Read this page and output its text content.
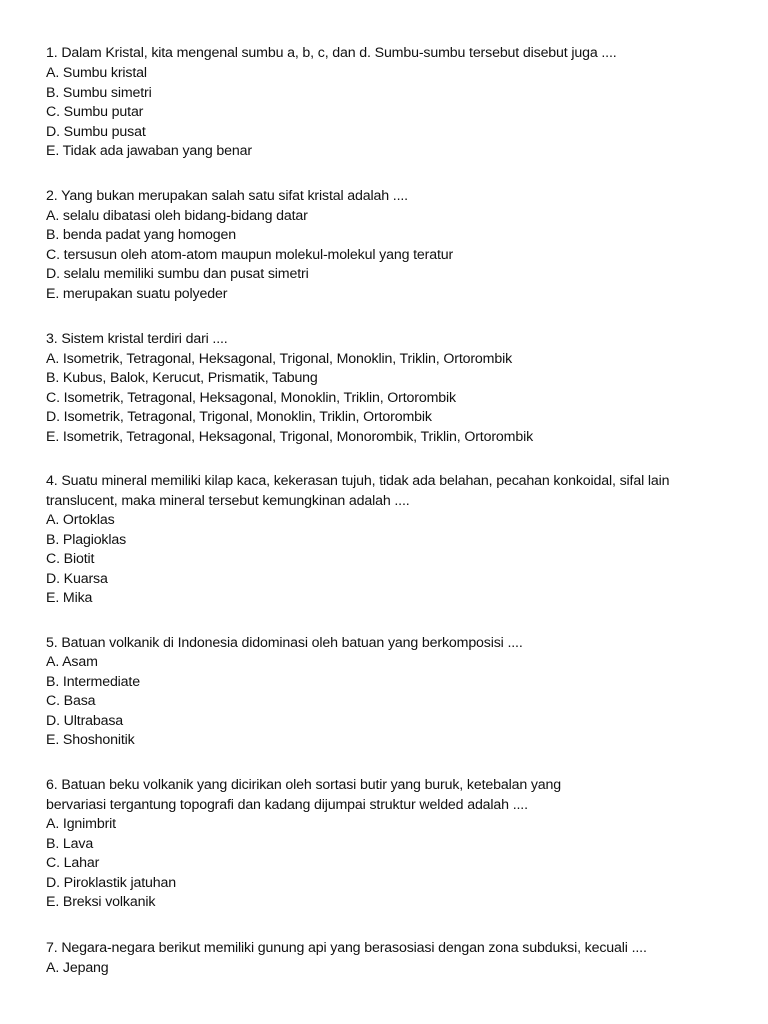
1. Dalam Kristal, kita mengenal sumbu a, b, c, dan d. Sumbu-sumbu tersebut disebut juga ....
A. Sumbu kristal
B. Sumbu simetri
C. Sumbu putar
D. Sumbu pusat
E. Tidak ada jawaban yang benar
2. Yang bukan merupakan salah satu sifat kristal adalah ....
A. selalu dibatasi oleh bidang-bidang datar
B. benda padat yang homogen
C. tersusun oleh atom-atom maupun molekul-molekul yang teratur
D. selalu memiliki sumbu dan pusat simetri
E. merupakan suatu polyeder
3. Sistem kristal terdiri dari ....
A. Isometrik, Tetragonal, Heksagonal, Trigonal, Monoklin, Triklin, Ortorombik
B. Kubus, Balok, Kerucut, Prismatik, Tabung
C. Isometrik, Tetragonal, Heksagonal, Monoklin, Triklin, Ortorombik
D. Isometrik, Tetragonal, Trigonal, Monoklin, Triklin, Ortorombik
E. Isometrik, Tetragonal, Heksagonal, Trigonal, Monorombik, Triklin, Ortorombik
4. Suatu mineral memiliki kilap kaca, kekerasan tujuh, tidak ada belahan, pecahan konkoidal, sifal lain
translucent, maka mineral tersebut kemungkinan adalah ....
A. Ortoklas
B. Plagioklas
C. Biotit
D. Kuarsa
E. Mika
5. Batuan volkanik di Indonesia didominasi oleh batuan yang berkomposisi ....
A. Asam
B. Intermediate
C. Basa
D. Ultrabasa
E. Shoshonitik
6. Batuan beku volkanik yang dicirikan oleh sortasi butir yang buruk, ketebalan yang
bervariasi tergantung topografi dan kadang dijumpai struktur welded adalah ....
A. Ignimbrit
B. Lava
C. Lahar
D. Piroklastik jatuhan
E. Breksi volkanik
7. Negara-negara berikut memiliki gunung api yang berasosiasi dengan zona subduksi, kecuali ....
A. Jepang
